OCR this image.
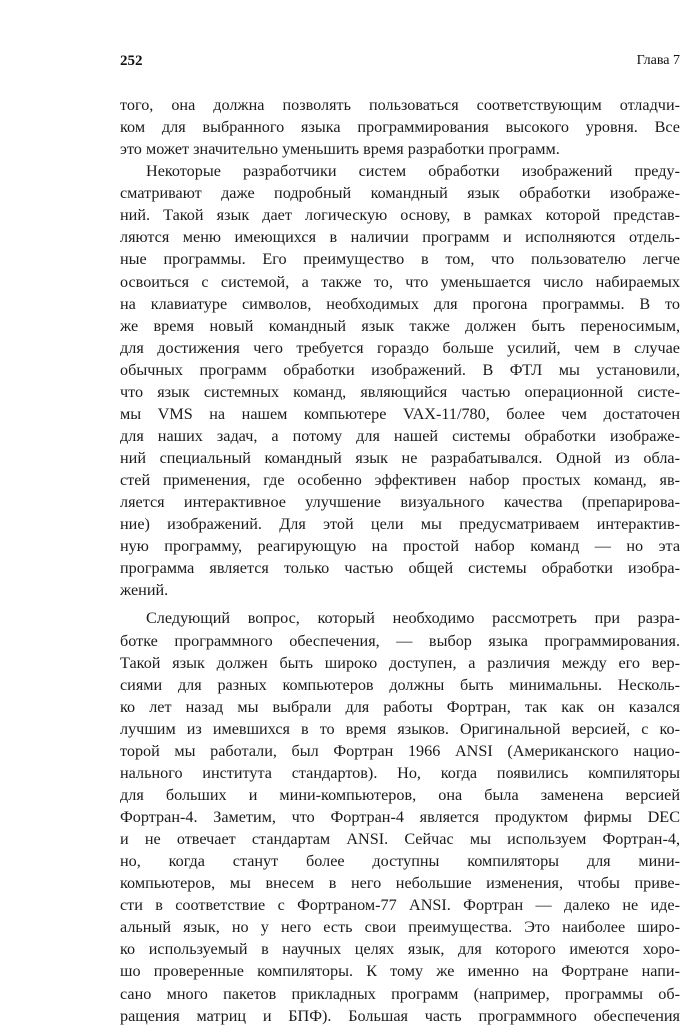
252	Глава 7
того, она должна позволять пользоваться соответствующим отладчи-
ком для выбранного языка программирования высокого уровня. Все
это может значительно уменьшить время разработки программ.
Некоторые разработчики систем обработки изображений преду-
сматривают даже подробный командный язык обработки изображе-
ний. Такой язык дает логическую основу, в рамках которой представ-
ляются меню имеющихся в наличии программ и исполняются отдель-
ные программы. Его преимущество в том, что пользователю легче
освоиться с системой, а также то, что уменьшается число набираемых
на клавиатуре символов, необходимых для прогона программы. В то
же время новый командный язык также должен быть переносимым,
для достижения чего требуется гораздо больше усилий, чем в случае
обычных программ обработки изображений. В ФТЛ мы установили,
что язык системных команд, являющийся частью операционной систе-
мы VMS на нашем компьютере VAX-11/780, более чем достаточен
для наших задач, а потому для нашей системы обработки изображе-
ний специальный командный язык не разрабатывался. Одной из обла-
стей применения, где особенно эффективен набор простых команд, яв-
ляется интерактивное улучшение визуального качества (препарирова-
ние) изображений. Для этой цели мы предусматриваем интерактив-
ную программу, реагирующую на простой набор команд — но эта
программа является только частью общей системы обработки изобра-
жений.
Следующий вопрос, который необходимо рассмотреть при разра-
ботке программного обеспечения, — выбор языка программирования.
Такой язык должен быть широко доступен, а различия между его вер-
сиями для разных компьютеров должны быть минимальны. Несколь-
ко лет назад мы выбрали для работы Фортран, так как он казался
лучшим из имевшихся в то время языков. Оригинальной версией, с ко-
торой мы работали, был Фортран 1966 ANSI (Американского нацио-
нального института стандартов). Но, когда появились компиляторы
для больших и мини-компьютеров, она была заменена версией
Фортран-4. Заметим, что Фортран-4 является продуктом фирмы DEC
и не отвечает стандартам ANSI. Сейчас мы используем Фортран-4,
но, когда станут более доступны компиляторы для мини-
компьютеров, мы внесем в него небольшие изменения, чтобы приве-
сти в соответствие с Фортраном-77 ANSI. Фортран — далеко не иде-
альный язык, но у него есть свои преимущества. Это наиболее широ-
ко используемый в научных целях язык, для которого имеются хоро-
шо проверенные компиляторы. К тому же именно на Фортране напи-
сано много пакетов прикладных программ (например, программы об-
ращения матриц и БПФ). Большая часть программного обеспечения
